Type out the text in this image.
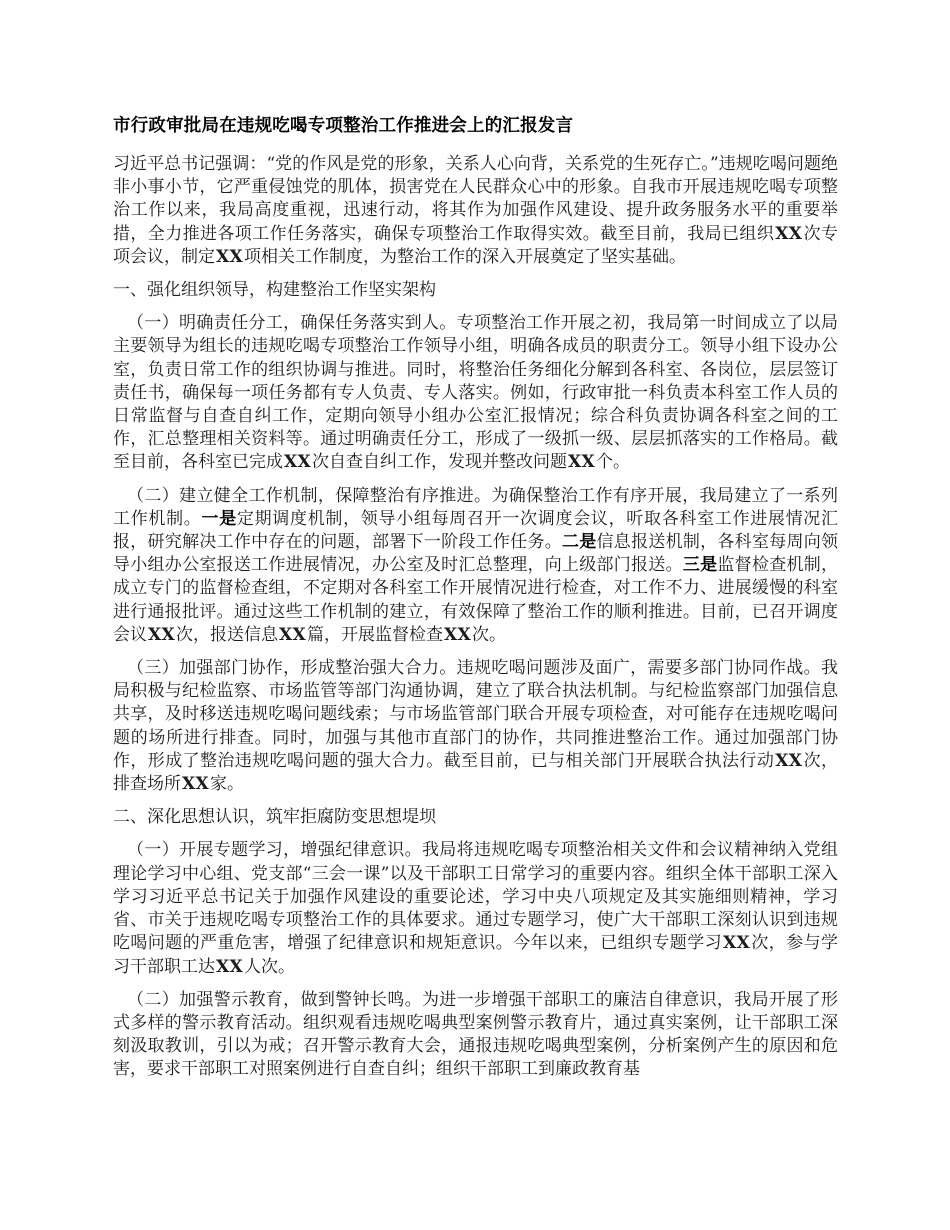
市行政审批局在违规吃喝专项整治工作推进会上的汇报发言

习近平总书记强调：“党的作风是党的形象，关系人心向背，关系党的生死存亡。”违规吃喝问题绝非小事小节，它严重侵蚀党的肌体，损害党在人民群众心中的形象。自我市开展违规吃喝专项整治工作以来，我局高度重视，迅速行动，将其作为加强作风建设、提升政务服务水平的重要举措，全力推进各项工作任务落实，确保专项整治工作取得实效。截至目前，我局已组织XX次专项会议，制定XX项相关工作制度，为整治工作的深入开展奠定了坚实基础。

一、强化组织领导，构建整治工作坚实架构

（一）明确责任分工，确保任务落实到人。专项整治工作开展之初，我局第一时间成立了以局主要领导为组长的违规吃喝专项整治工作领导小组，明确各成员的职责分工。领导小组下设办公室，负责日常工作的组织协调与推进。同时，将整治任务细化分解到各科室、各岗位，层层签订责任书，确保每一项任务都有专人负责、专人落实。例如，行政审批一科负责本科室工作人员的日常监督与自查自纠工作，定期向领导小组办公室汇报情况；综合科负责协调各科室之间的工作，汇总整理相关资料等。通过明确责任分工，形成了一级抓一级、层层抓落实的工作格局。截至目前，各科室已完成XX次自查自纠工作，发现并整改问题XX个。

（二）建立健全工作机制，保障整治有序推进。为确保整治工作有序开展，我局建立了一系列工作机制。一是定期调度机制，领导小组每周召开一次调度会议，听取各科室工作进展情况汇报，研究解决工作中存在的问题，部署下一阶段工作任务。二是信息报送机制，各科室每周向领导小组办公室报送工作进展情况，办公室及时汇总整理，向上级部门报送。三是监督检查机制，成立专门的监督检查组，不定期对各科室工作开展情况进行检查，对工作不力、进展缓慢的科室进行通报批评。通过这些工作机制的建立，有效保障了整治工作的顺利推进。目前，已召开调度会议XX次，报送信息XX篇，开展监督检查XX次。

（三）加强部门协作，形成整治强大合力。违规吃喝问题涉及面广，需要多部门协同作战。我局积极与纪检监察、市场监管等部门沟通协调，建立了联合执法机制。与纪检监察部门加强信息共享，及时移送违规吃喝问题线索；与市场监管部门联合开展专项检查，对可能存在违规吃喝问题的场所进行排查。同时，加强与其他市直部门的协作，共同推进整治工作。通过加强部门协作，形成了整治违规吃喝问题的强大合力。截至目前，已与相关部门开展联合执法行动XX次，排查场所XX家。

二、深化思想认识，筑牢拒腐防变思想堤坝

（一）开展专题学习，增强纪律意识。我局将违规吃喝专项整治相关文件和会议精神纳入党组理论学习中心组、党支部“三会一课”以及干部职工日常学习的重要内容。组织全体干部职工深入学习习近平总书记关于加强作风建设的重要论述，学习中央八项规定及其实施细则精神，学习省、市关于违规吃喝专项整治工作的具体要求。通过专题学习，使广大干部职工深刻认识到违规吃喝问题的严重危害，增强了纪律意识和规矩意识。今年以来，已组织专题学习XX次，参与学习干部职工达XX人次。

（二）加强警示教育，做到警钟长鸣。为进一步增强干部职工的廉洁自律意识，我局开展了形式多样的警示教育活动。组织观看违规吃喝典型案例警示教育片，通过真实案例，让干部职工深刻汲取教训，引以为戒；召开警示教育大会，通报违规吃喝典型案例，分析案例产生的原因和危害，要求干部职工对照案例进行自查自纠；组织干部职工到廉政教育基
